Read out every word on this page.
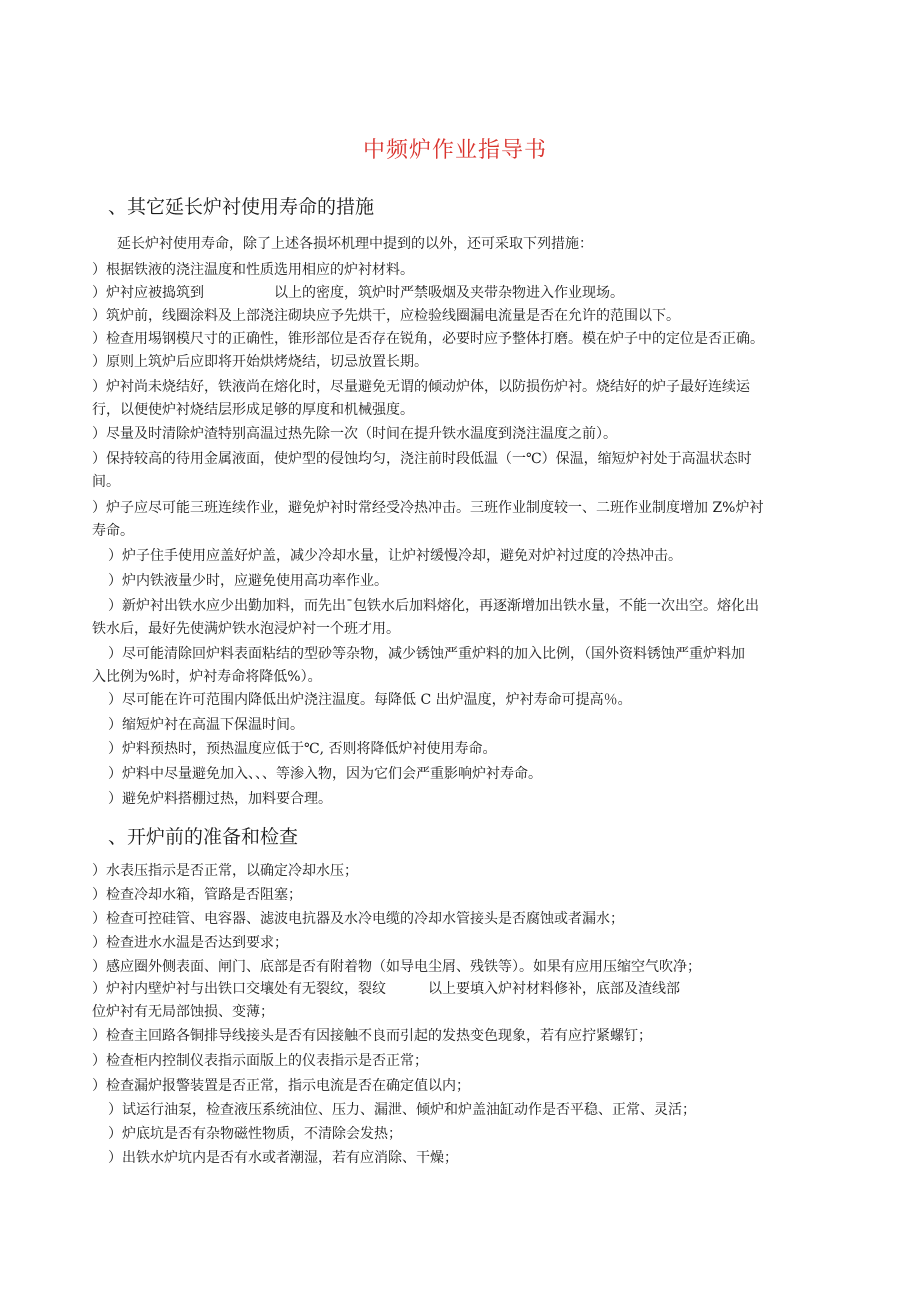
中频炉作业指导书
、其它延长炉衬使用寿命的措施
延长炉衬使用寿命，除了上述各损坏机理中提到的以外，还可采取下列措施：
）根据铁液的浇注温度和性质选用相应的炉衬材料。
）炉衬应被捣筑到　　　　　以上的密度，筑炉时严禁吸烟及夹带杂物进入作业现场。
）筑炉前，线圈涂料及上部浇注砌块应予先烘干，应检验线圈漏电流量是否在允许的范围以下。
）检查用埸钢模尺寸的正确性，锥形部位是否存在锐角，必要时应予整体打磨。模在炉子中的定位是否正确。
）原则上筑炉后应即将开始烘烤烧结，切忌放置长期。
）炉衬尚未烧结好，铁液尚在熔化时，尽量避免无谓的倾动炉体，以防损伤炉衬。烧结好的炉子最好连续运
行，以便使炉衬烧结层形成足够的厚度和机械强度。
）尽量及时清除炉渣特别高温过热先除一次（时间在提升铁水温度到浇注温度之前）。
）保持较高的待用金属液面，使炉型的侵蚀均匀，浇注前时段低温（一℃）保温，缩短炉衬处于高温状态时
间。
）炉子应尽可能三班连续作业，避免炉衬时常经受冷热冲击。三班作业制度较一、二班作业制度增加 Z%炉衬
寿命。
）炉子住手使用应盖好炉盖，减少冷却水量，让炉衬缓慢冷却，避免对炉衬过度的冷热冲击。
）炉内铁液量少时，应避免使用高功率作业。
）新炉衬出铁水应少出勤加料，而先出ˉ包铁水后加料熔化，再逐渐增加出铁水量，不能一次出空。熔化出
铁水后，最好先使满炉铁水泡浸炉衬一个班才用。
）尽可能清除回炉料表面粘结的型砂等杂物，减少锈蚀严重炉料的加入比例，（国外资料锈蚀严重炉料加
入比例为%时，炉衬寿命将降低%）。
）尽可能在许可范围内降低出炉浇注温度。每降低 C 出炉温度，炉衬寿命可提高％。
）缩短炉衬在高温下保温时间。
）炉料预热时，预热温度应低于℃, 否则将降低炉衬使用寿命。
）炉料中尽量避免加入、、、等渗入物，因为它们会严重影响炉衬寿命。
）避免炉料搭棚过热，加料要合理。
、开炉前的准备和检查
）水表压指示是否正常，以确定冷却水压；
）检查冷却水箱，管路是否阻塞；
）检查可控硅管、电容器、滤波电抗器及水冷电缆的冷却水管接头是否腐蚀或者漏水；
）检查进水水温是否达到要求；
）感应圈外侧表面、闸门、底部是否有附着物（如导电尘屑、残铁等）。如果有应用压缩空气吹净；
）炉衬内壁炉衬与出铁口交壤处有无裂纹，裂纹　　　以上要填入炉衬材料修补，底部及渣线部
位炉衬有无局部蚀损、变薄；
）检查主回路各铜排导线接头是否有因接触不良而引起的发热变色现象，若有应拧紧螺钉；
）检查柜内控制仪表指示面版上的仪表指示是否正常；
）检查漏炉报警装置是否正常，指示电流是否在确定值以内；
）试运行油泵，检查液压系统油位、压力、漏泄、倾炉和炉盖油缸动作是否平稳、正常、灵活；
）炉底坑是否有杂物磁性物质，不清除会发热；
）出铁水炉坑内是否有水或者潮湿，若有应消除、干燥；
